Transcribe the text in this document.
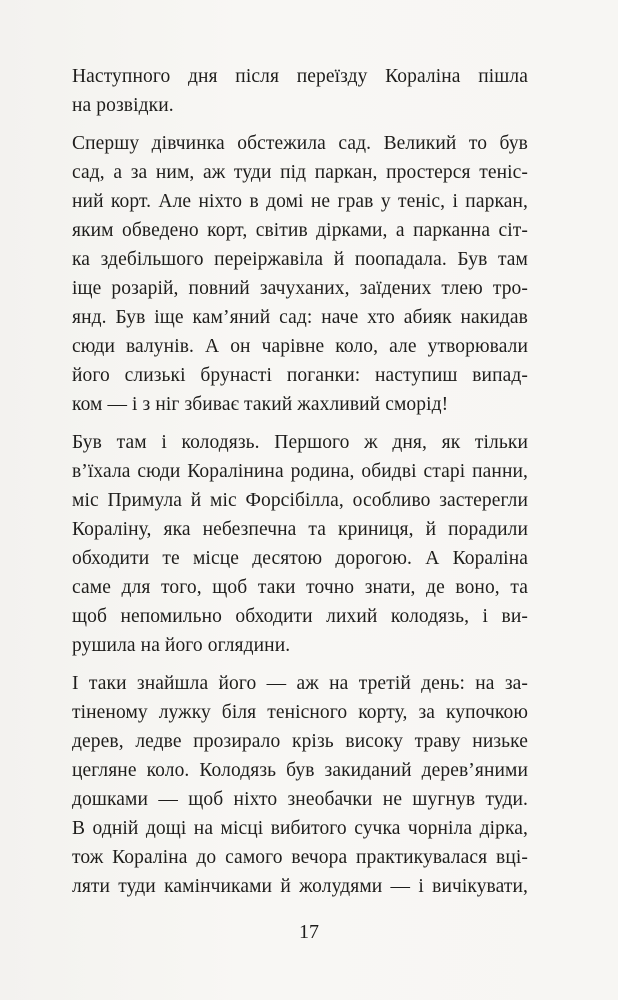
Наступного дня після переїзду Кораліна пішла
на розвідки.
Спершу дівчинка обстежила сад. Великий то був
сад, а за ним, аж туди під паркан, простерся теніс-
ний корт. Але ніхто в домі не грав у теніс, і паркан,
яким обведено корт, світив дірками, а парканна сіт-
ка здебільшого переіржавіла й поопадала. Був там
іще розарій, повний зачуханих, заїдених тлею тро-
янд. Був іще кам’яний сад: наче хто абияк накидав
сюди валунів. А он чарівне коло, але утворювали
його слизькі брунасті поганки: наступиш випад-
ком — і з ніг збиває такий жахливий сморід!
Був там і колодязь. Першого ж дня, як тільки
в’їхала сюди Коралінина родина, обидві старі панни,
міс Примула й міс Форсібілла, особливо застерегли
Кораліну, яка небезпечна та криниця, й порадили
обходити те місце десятою дорогою. А Кораліна
саме для того, щоб таки точно знати, де воно, та
щоб непомильно обходити лихий колодязь, і ви-
рушила на його оглядини.
І таки знайшла його — аж на третій день: на за-
тіненому лужку біля тенісного корту, за купочкою
дерев, ледве прозирало крізь високу траву низьке
цегляне коло. Колодязь був закиданий дерев’яними
дошками — щоб ніхто знеобачки не шугнув туди.
В одній дощі на місці вибитого сучка чорніла дірка,
тож Кораліна до самого вечора практикувалася вці-
ляти туди камінчиками й жолудями — і вичікувати,
17
